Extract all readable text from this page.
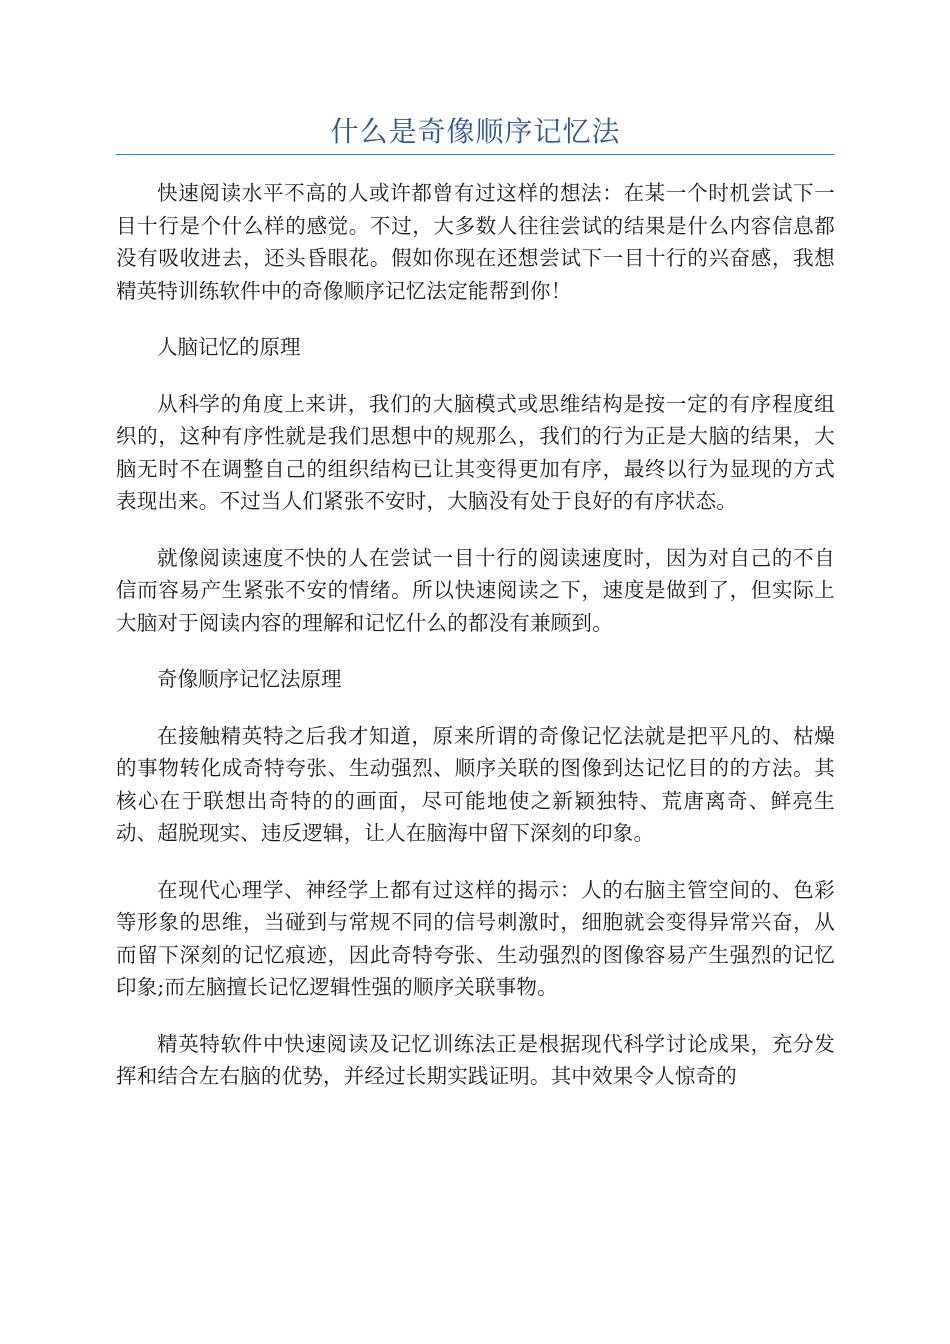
什么是奇像顺序记忆法

快速阅读水平不高的人或许都曾有过这样的想法：在某一个时机尝试下一目十行是个什么样的感觉。不过，大多数人往往尝试的结果是什么内容信息都没有吸收进去，还头昏眼花。假如你现在还想尝试下一目十行的兴奋感，我想精英特训练软件中的奇像顺序记忆法定能帮到你！

人脑记忆的原理

从科学的角度上来讲，我们的大脑模式或思维结构是按一定的有序程度组织的，这种有序性就是我们思想中的规那么，我们的行为正是大脑的结果，大脑无时不在调整自己的组织结构已让其变得更加有序，最终以行为显现的方式表现出来。不过当人们紧张不安时，大脑没有处于良好的有序状态。

就像阅读速度不快的人在尝试一目十行的阅读速度时，因为对自己的不自信而容易产生紧张不安的情绪。所以快速阅读之下，速度是做到了，但实际上大脑对于阅读内容的理解和记忆什么的都没有兼顾到。

奇像顺序记忆法原理

在接触精英特之后我才知道，原来所谓的奇像记忆法就是把平凡的、枯燥的事物转化成奇特夸张、生动强烈、顺序关联的图像到达记忆目的的方法。其核心在于联想出奇特的的画面，尽可能地使之新颖独特、荒唐离奇、鲜亮生动、超脱现实、违反逻辑，让人在脑海中留下深刻的印象。

在现代心理学、神经学上都有过这样的揭示：人的右脑主管空间的、色彩等形象的思维，当碰到与常规不同的信号刺激时，细胞就会变得异常兴奋，从而留下深刻的记忆痕迹，因此奇特夸张、生动强烈的图像容易产生强烈的记忆印象;而左脑擅长记忆逻辑性强的顺序关联事物。

精英特软件中快速阅读及记忆训练法正是根据现代科学讨论成果，充分发挥和结合左右脑的优势，并经过长期实践证明。其中效果令人惊奇的
